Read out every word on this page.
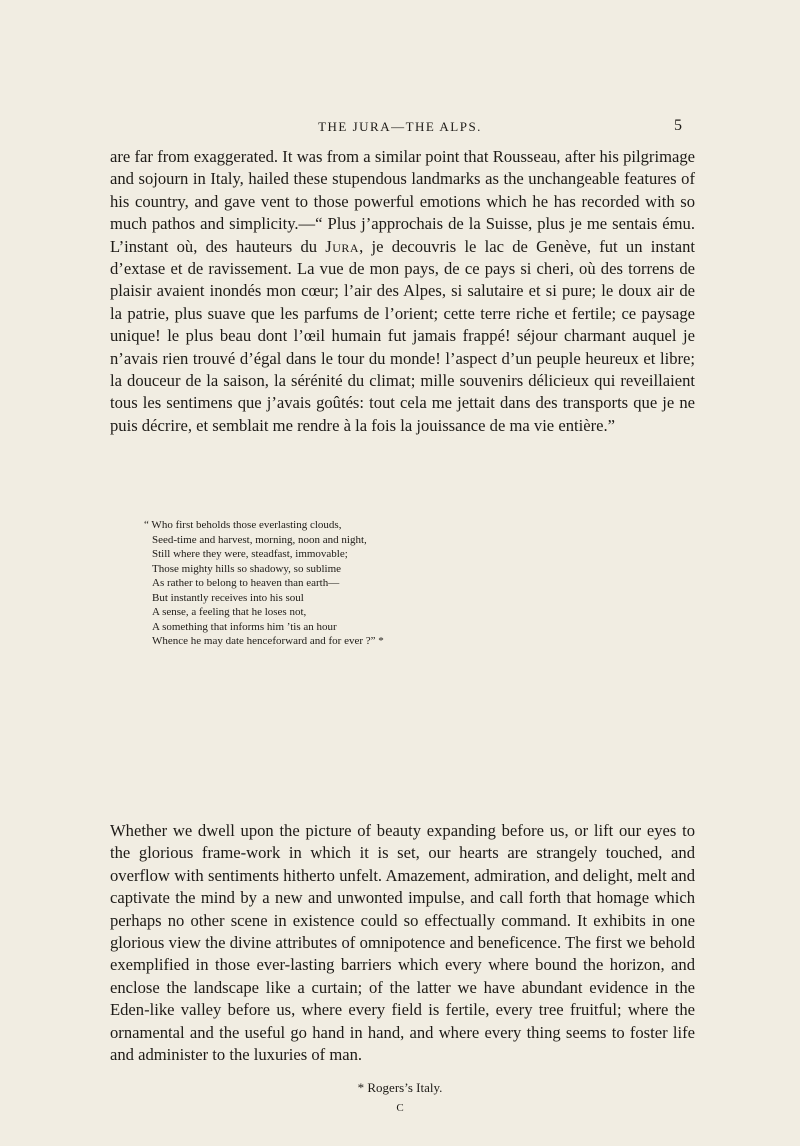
THE JURA—THE ALPS.	5

are far from exaggerated. It was from a similar point that Rousseau, after his pilgrimage and sojourn in Italy, hailed these stupendous landmarks as the unchangeable features of his country, and gave vent to those powerful emotions which he has recorded with so much pathos and simplicity.—“ Plus j’approchais de la Suisse, plus je me sentais ému. L’instant où, des hauteurs du Jura, je decouvris le lac de Genève, fut un instant d’extase et de ravissement. La vue de mon pays, de ce pays si cheri, où des torrens de plaisir avaient inondés mon cœur; l’air des Alpes, si salutaire et si pure; le doux air de la patrie, plus suave que les parfums de l’orient; cette terre riche et fertile; ce paysage unique! le plus beau dont l’œil humain fut jamais frappé! séjour charmant auquel je n’avais rien trouvé d’égal dans le tour du monde! l’aspect d’un peuple heureux et libre; la douceur de la saison, la sérénité du climat; mille souvenirs délicieux qui reveillaient tous les sentimens que j’avais goûtés: tout cela me jettait dans des transports que je ne puis décrire, et semblait me rendre à la fois la jouissance de ma vie entière.”

“ Who first beholds those everlasting clouds,
Seed-time and harvest, morning, noon and night,
Still where they were, steadfast, immovable;
Those mighty hills so shadowy, so sublime
As rather to belong to heaven than earth—
But instantly receives into his soul
A sense, a feeling that he loses not,
A something that informs him ’tis an hour
Whence he may date henceforward and for ever ?” *

Whether we dwell upon the picture of beauty expanding before us, or lift our eyes to the glorious frame-work in which it is set, our hearts are strangely touched, and overflow with sentiments hitherto unfelt. Amazement, admiration, and delight, melt and captivate the mind by a new and unwonted impulse, and call forth that homage which perhaps no other scene in existence could so effectually command. It exhibits in one glorious view the divine attributes of omnipotence and beneficence. The first we behold exemplified in those ever-lasting barriers which every where bound the horizon, and enclose the landscape like a curtain; of the latter we have abundant evidence in the Eden-like valley before us, where every field is fertile, every tree fruitful; where the ornamental and the useful go hand in hand, and where every thing seems to foster life and administer to the luxuries of man.

* Rogers’s Italy.
C
